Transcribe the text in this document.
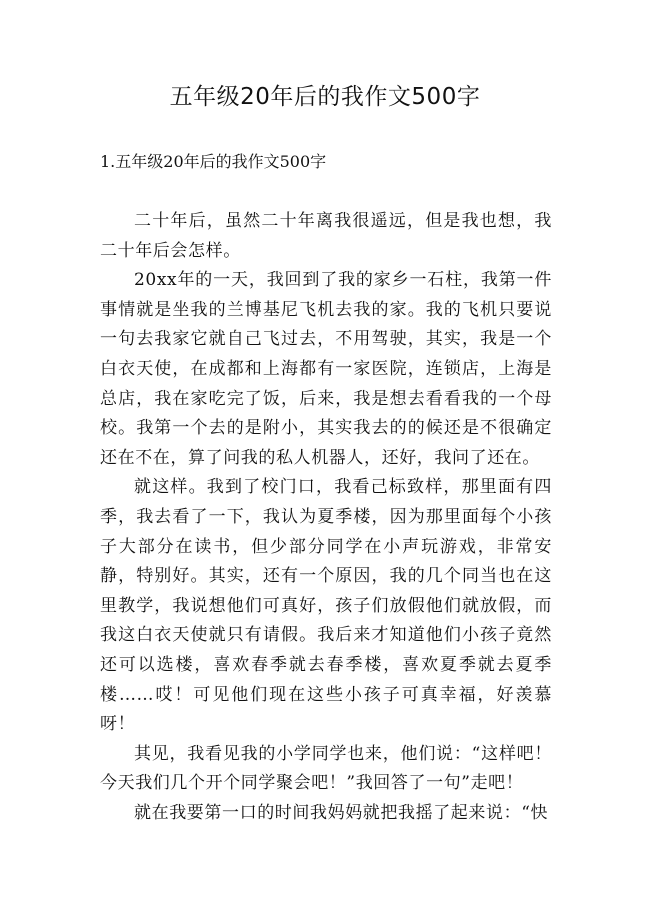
五年级20年后的我作文500字

1.五年级20年后的我作文500字

二十年后，虽然二十年离我很遥远，但是我也想，我二十年后会怎样。

20xx年的一天，我回到了我的家乡一石柱，我第一件事情就是坐我的兰博基尼飞机去我的家。我的飞机只要说一句去我家它就自己飞过去，不用驾驶，其实，我是一个白衣天使，在成都和上海都有一家医院，连锁店，上海是总店，我在家吃完了饭，后来，我是想去看看我的一个母校。我第一个去的是附小，其实我去的的候还是不很确定还在不在，算了问我的私人机器人，还好，我问了还在。

就这样。我到了校门口，我看己标致样，那里面有四季，我去看了一下，我认为夏季楼，因为那里面每个小孩子大部分在读书，但少部分同学在小声玩游戏，非常安静，特别好。其实，还有一个原因，我的几个同当也在这里教学，我说想他们可真好，孩子们放假他们就放假，而我这白衣天使就只有请假。我后来才知道他们小孩子竟然还可以选楼，喜欢春季就去春季楼，喜欢夏季就去夏季楼……哎！可见他们现在这些小孩子可真幸福，好羡慕呀！

其见，我看见我的小学同学也来，他们说：“这样吧！今天我们几个开个同学聚会吧！”我回答了一句”走吧！

就在我要第一口的时间我妈妈就把我摇了起来说：“快
